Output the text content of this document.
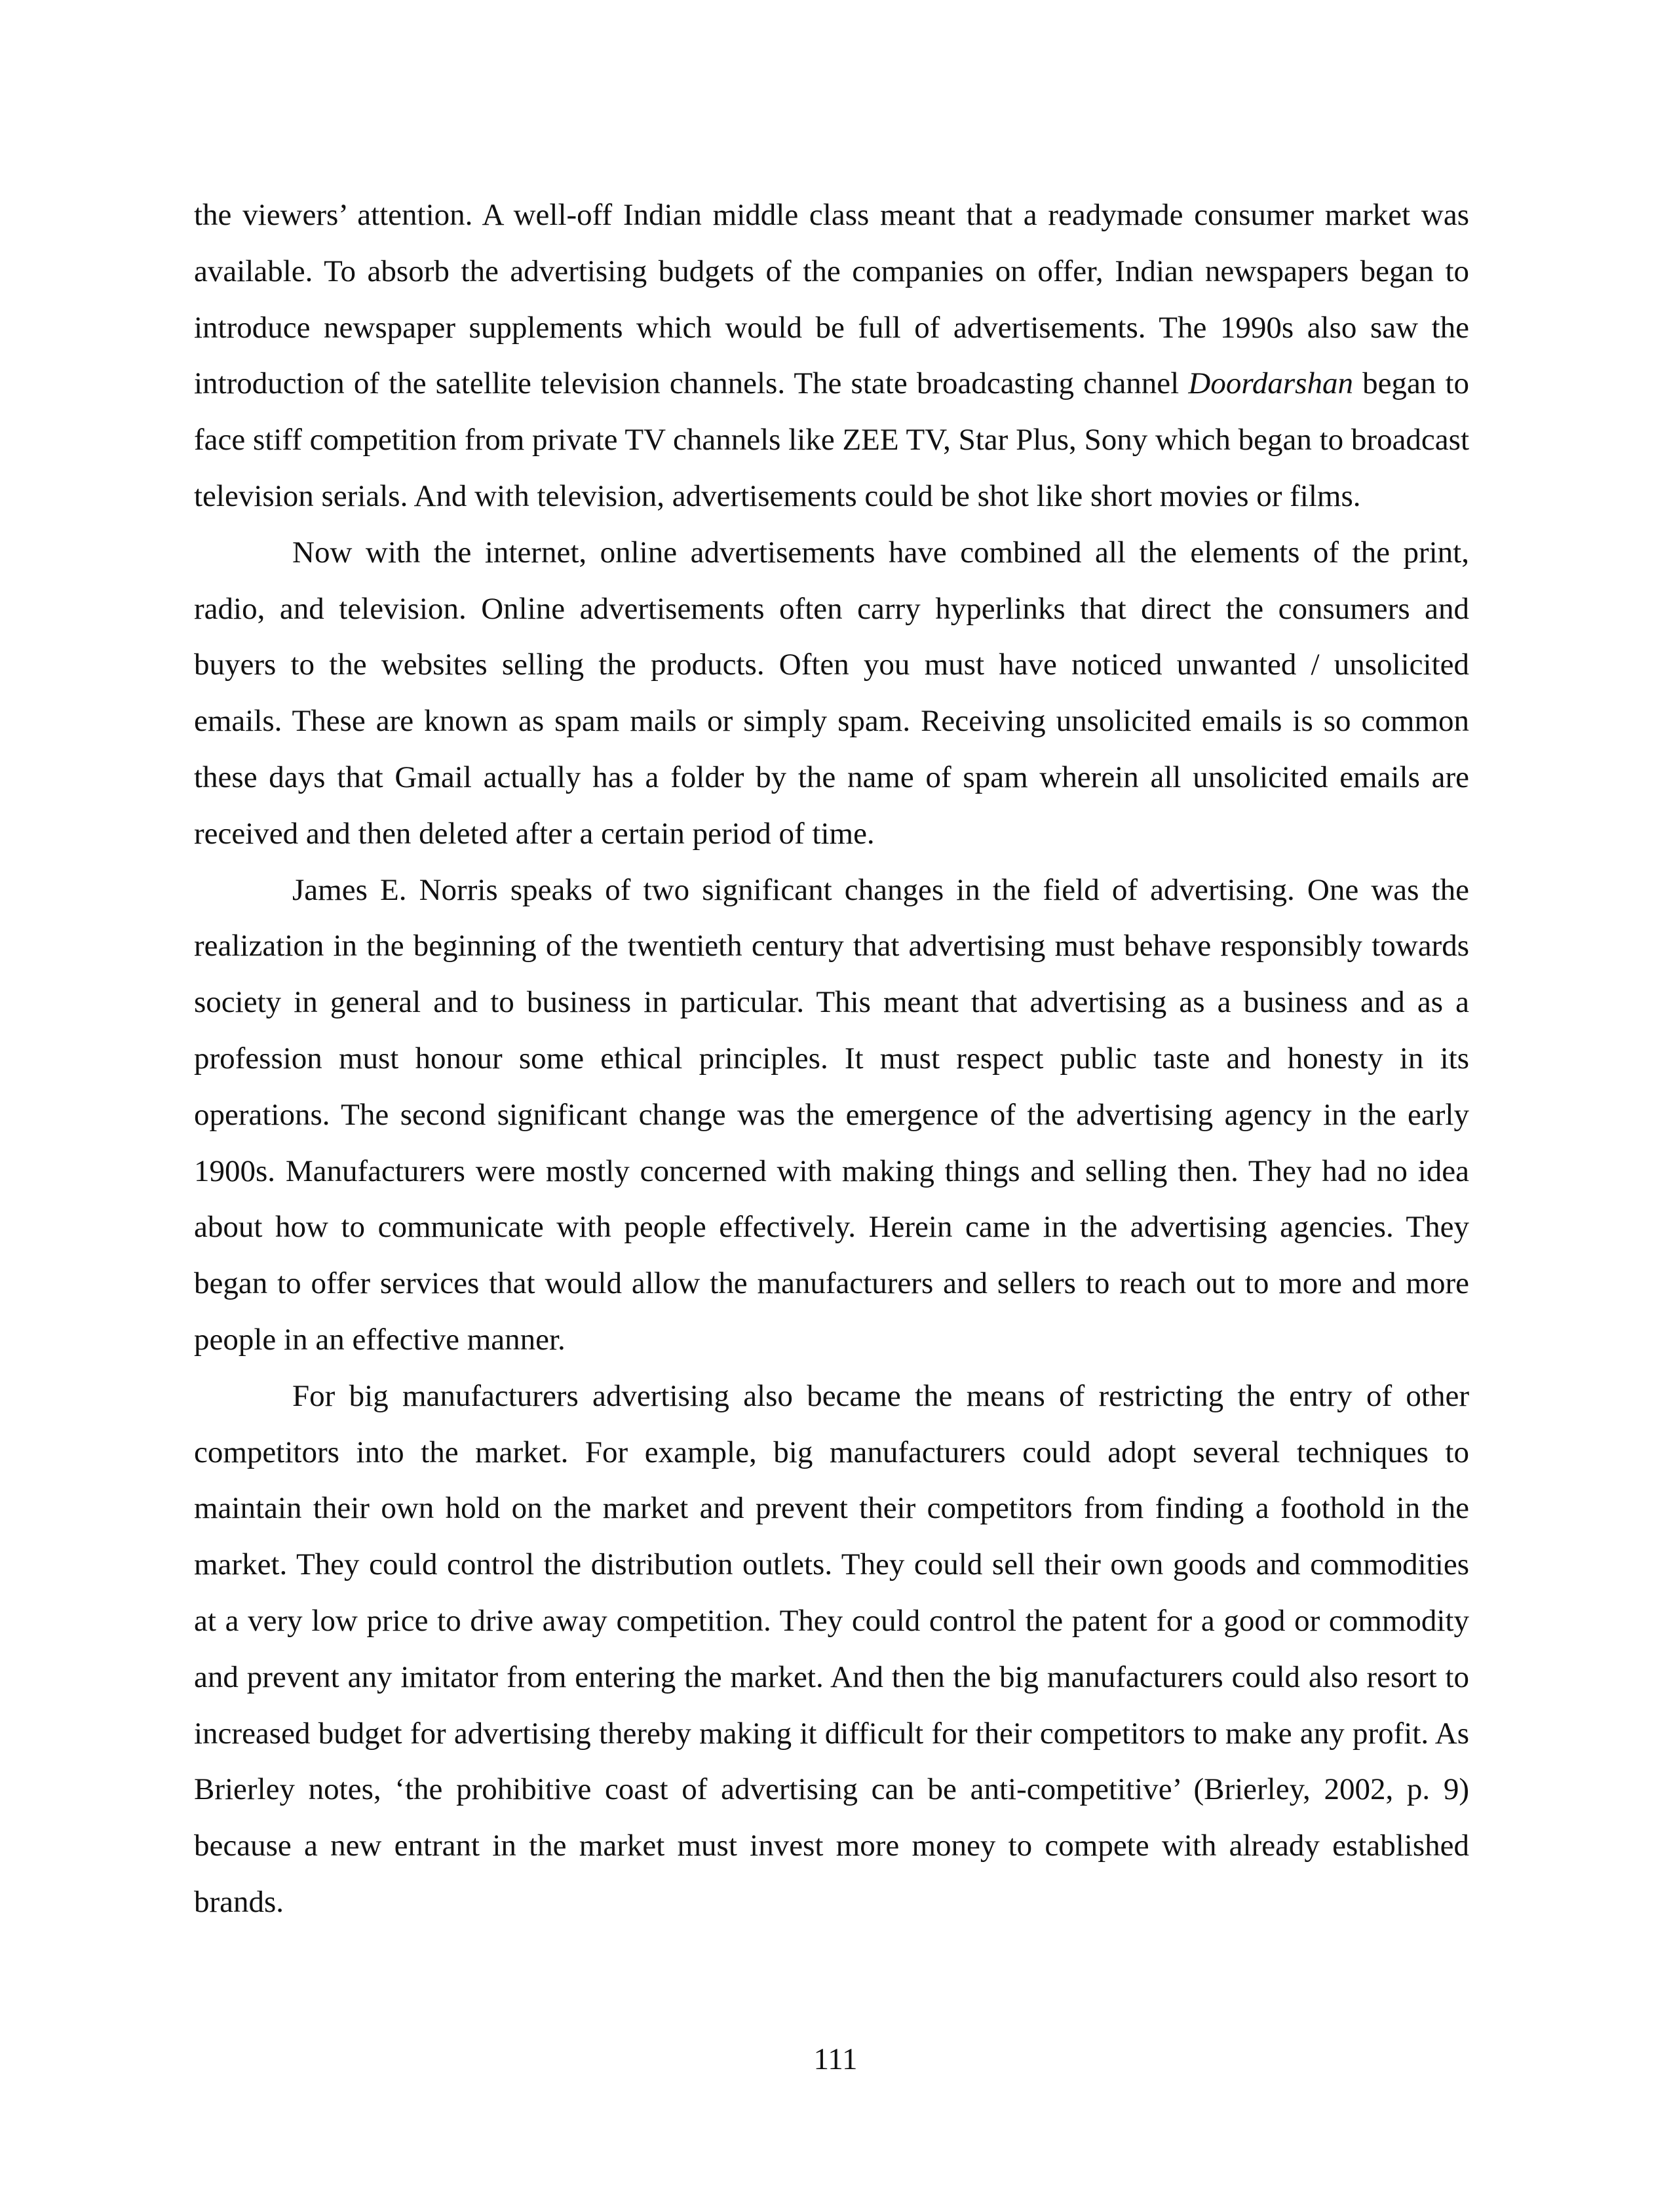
the viewers’ attention. A well-off Indian middle class meant that a readymade consumer market was available. To absorb the advertising budgets of the companies on offer, Indian newspapers began to introduce newspaper supplements which would be full of advertisements. The 1990s also saw the introduction of the satellite television channels. The state broadcasting channel Doordarshan began to face stiff competition from private TV channels like ZEE TV, Star Plus, Sony which began to broadcast television serials. And with television, advertisements could be shot like short movies or films.

Now with the internet, online advertisements have combined all the elements of the print, radio, and television. Online advertisements often carry hyperlinks that direct the consumers and buyers to the websites selling the products. Often you must have noticed unwanted / unsolicited emails. These are known as spam mails or simply spam. Receiving unsolicited emails is so common these days that Gmail actually has a folder by the name of spam wherein all unsolicited emails are received and then deleted after a certain period of time.

James E. Norris speaks of two significant changes in the field of advertising. One was the realization in the beginning of the twentieth century that advertising must behave responsibly towards society in general and to business in particular. This meant that advertising as a business and as a profession must honour some ethical principles. It must respect public taste and honesty in its operations. The second significant change was the emergence of the advertising agency in the early 1900s. Manufacturers were mostly concerned with making things and selling then. They had no idea about how to communicate with people effectively. Herein came in the advertising agencies. They began to offer services that would allow the manufacturers and sellers to reach out to more and more people in an effective manner.

For big manufacturers advertising also became the means of restricting the entry of other competitors into the market. For example, big manufacturers could adopt several techniques to maintain their own hold on the market and prevent their competitors from finding a foothold in the market. They could control the distribution outlets. They could sell their own goods and commodities at a very low price to drive away competition. They could control the patent for a good or commodity and prevent any imitator from entering the market. And then the big manufacturers could also resort to increased budget for advertising thereby making it difficult for their competitors to make any profit. As Brierley notes, ‘the prohibitive coast of advertising can be anti-competitive’ (Brierley, 2002, p. 9) because a new entrant in the market must invest more money to compete with already established brands.

111
